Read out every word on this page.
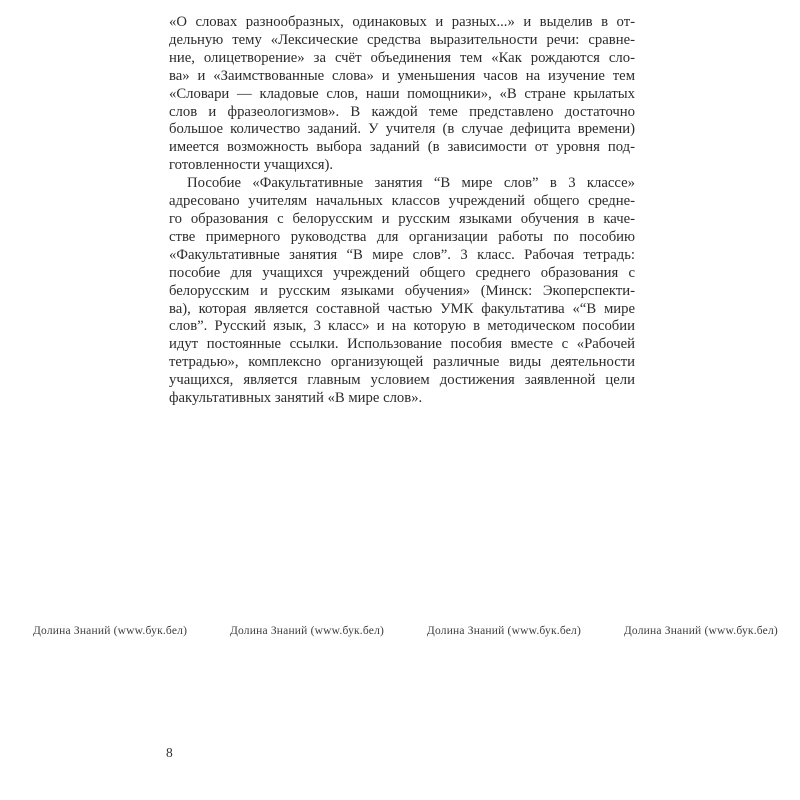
«О словах разнообразных, одинаковых и разных...» и выделив в от-
дельную тему «Лексические средства выразительности речи: сравне-
ние, олицетворение» за счёт объединения тем «Как рождаются сло-
ва» и «Заимствованные слова» и уменьшения часов на изучение тем
«Словари — кладовые слов, наши помощники», «В стране крылатых
слов и фразеологизмов». В каждой теме представлено достаточно
большое количество заданий. У учителя (в случае дефицита времени)
имеется возможность выбора заданий (в зависимости от уровня под-
готовленности учащихся).
Пособие «Факультативные занятия “В мире слов” в 3 классе»
адресовано учителям начальных классов учреждений общего средне-
го образования с белорусским и русским языками обучения в каче-
стве примерного руководства для организации работы по пособию
«Факультативные занятия “В мире слов”. 3 класс. Рабочая тетрадь:
пособие для учащихся учреждений общего среднего образования с
белорусским и русским языками обучения» (Минск: Экоперспекти-
ва), которая является составной частью УМК факультатива «“В мире
слов”. Русский язык, 3 класс» и на которую в методическом пособии
идут постоянные ссылки. Использование пособия вместе с «Рабочей
тетрадью», комплексно организующей различные виды деятельности
учащихся, является главным условием достижения заявленной цели
факультативных занятий «В мире слов».
Долина Знаний (www.бук.бел)	Долина Знаний (www.бук.бел)	Долина Знаний (www.бук.бел)	Долина Знаний (www.бук.бел)
8
